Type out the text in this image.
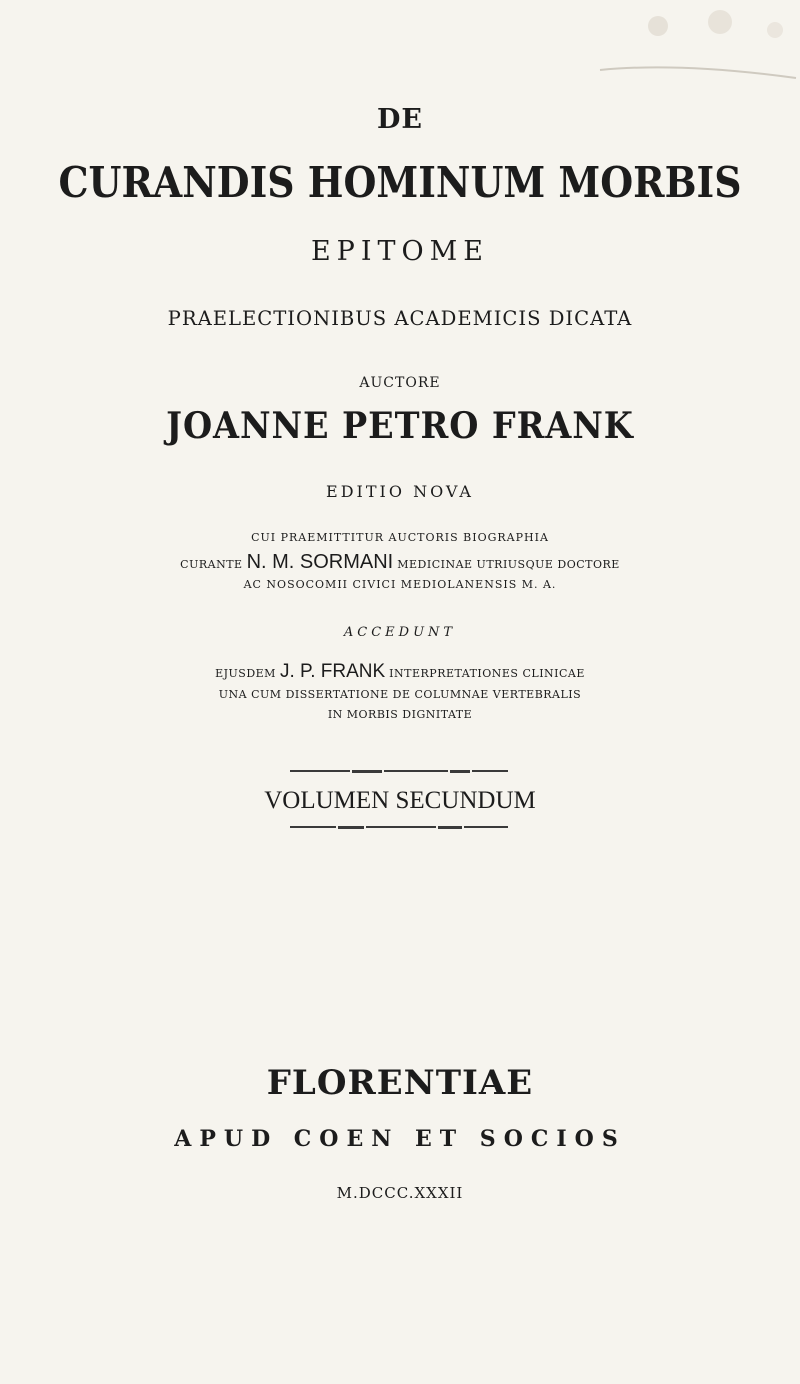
DE
CURANDIS HOMINUM MORBIS
EPITOME
PRAELECTIONIBUS ACADEMICIS DICATA
AUCTORE
JOANNE PETRO FRANK
EDITIO NOVA
CUI PRAEMITTITUR AUCTORIS BIOGRAPHIA
CURANTE N. M. SORMANI MEDICINAE UTRIUSQUE DOCTORE
AC NOSOCOMII CIVICI MEDIOLANENSIS M. A.
ACCEDUNT
EJUSDEM J. P. FRANK INTERPRETATIONES CLINICAE
UNA CUM DISSERTATIONE DE COLUMNAE VERTEBRALIS
IN MORBIS DIGNITATE
VOLUMEN SECUNDUM
FLORENTIAE
APUD COEN ET SOCIOS
M.DCCC.XXXII
